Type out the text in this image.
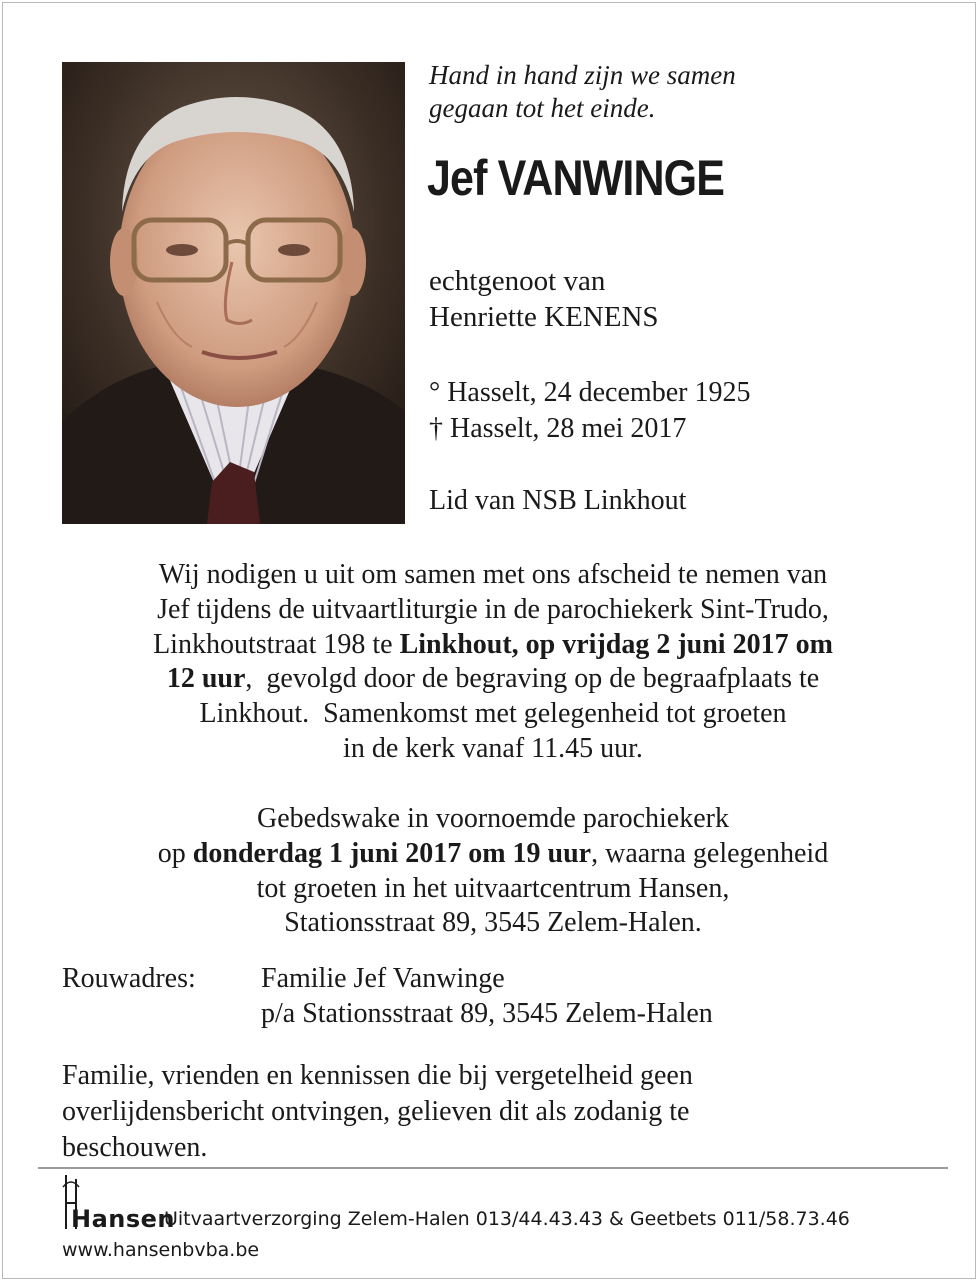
Hand in hand zijn we samen
gegaan tot het einde.
Jef VANWINGE
echtgenoot van
Henriette KENENS
° Hasselt, 24 december 1925
† Hasselt, 28 mei 2017
Lid van NSB Linkhout
Wij nodigen u uit om samen met ons afscheid te nemen van
Jef tijdens de uitvaartliturgie in de parochiekerk Sint-Trudo,
Linkhoutstraat 198 te Linkhout, op vrijdag 2 juni 2017 om
12 uur,  gevolgd door de begraving op de begraafplaats te
Linkhout.  Samenkomst met gelegenheid tot groeten
in de kerk vanaf 11.45 uur.
Gebedswake in voornoemde parochiekerk
op donderdag 1 juni 2017 om 19 uur, waarna gelegenheid
tot groeten in het uitvaartcentrum Hansen,
Stationsstraat 89, 3545 Zelem-Halen.
Rouwadres: Familie Jef Vanwinge
p/a Stationsstraat 89, 3545 Zelem-Halen
Familie, vrienden en kennissen die bij vergetelheid geen
overlijdensbericht ontvingen, gelieven dit als zodanig te
beschouwen.
Hansen
Uitvaartverzorging Zelem-Halen 013/44.43.43 & Geetbets 011/58.73.46
www.hansenbvba.be
